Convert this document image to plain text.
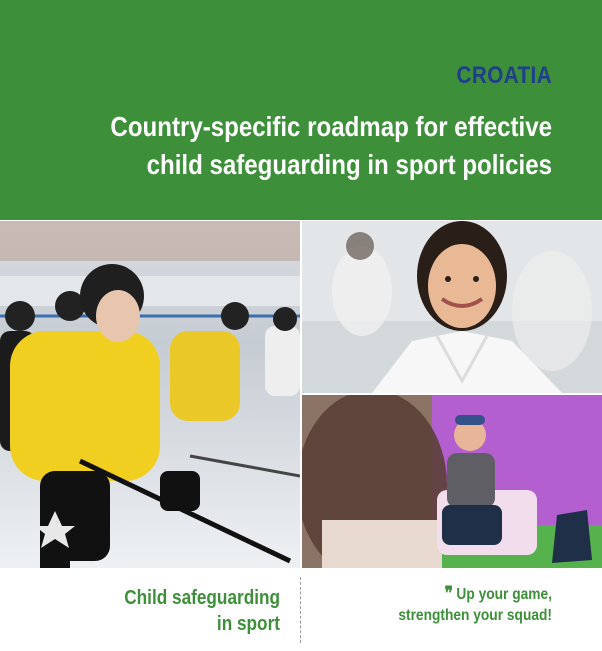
CROATIA
Country-specific roadmap for effective
child safeguarding in sport policies
Child safeguarding
in sport
❞ Up your game,
strengthen your squad!
